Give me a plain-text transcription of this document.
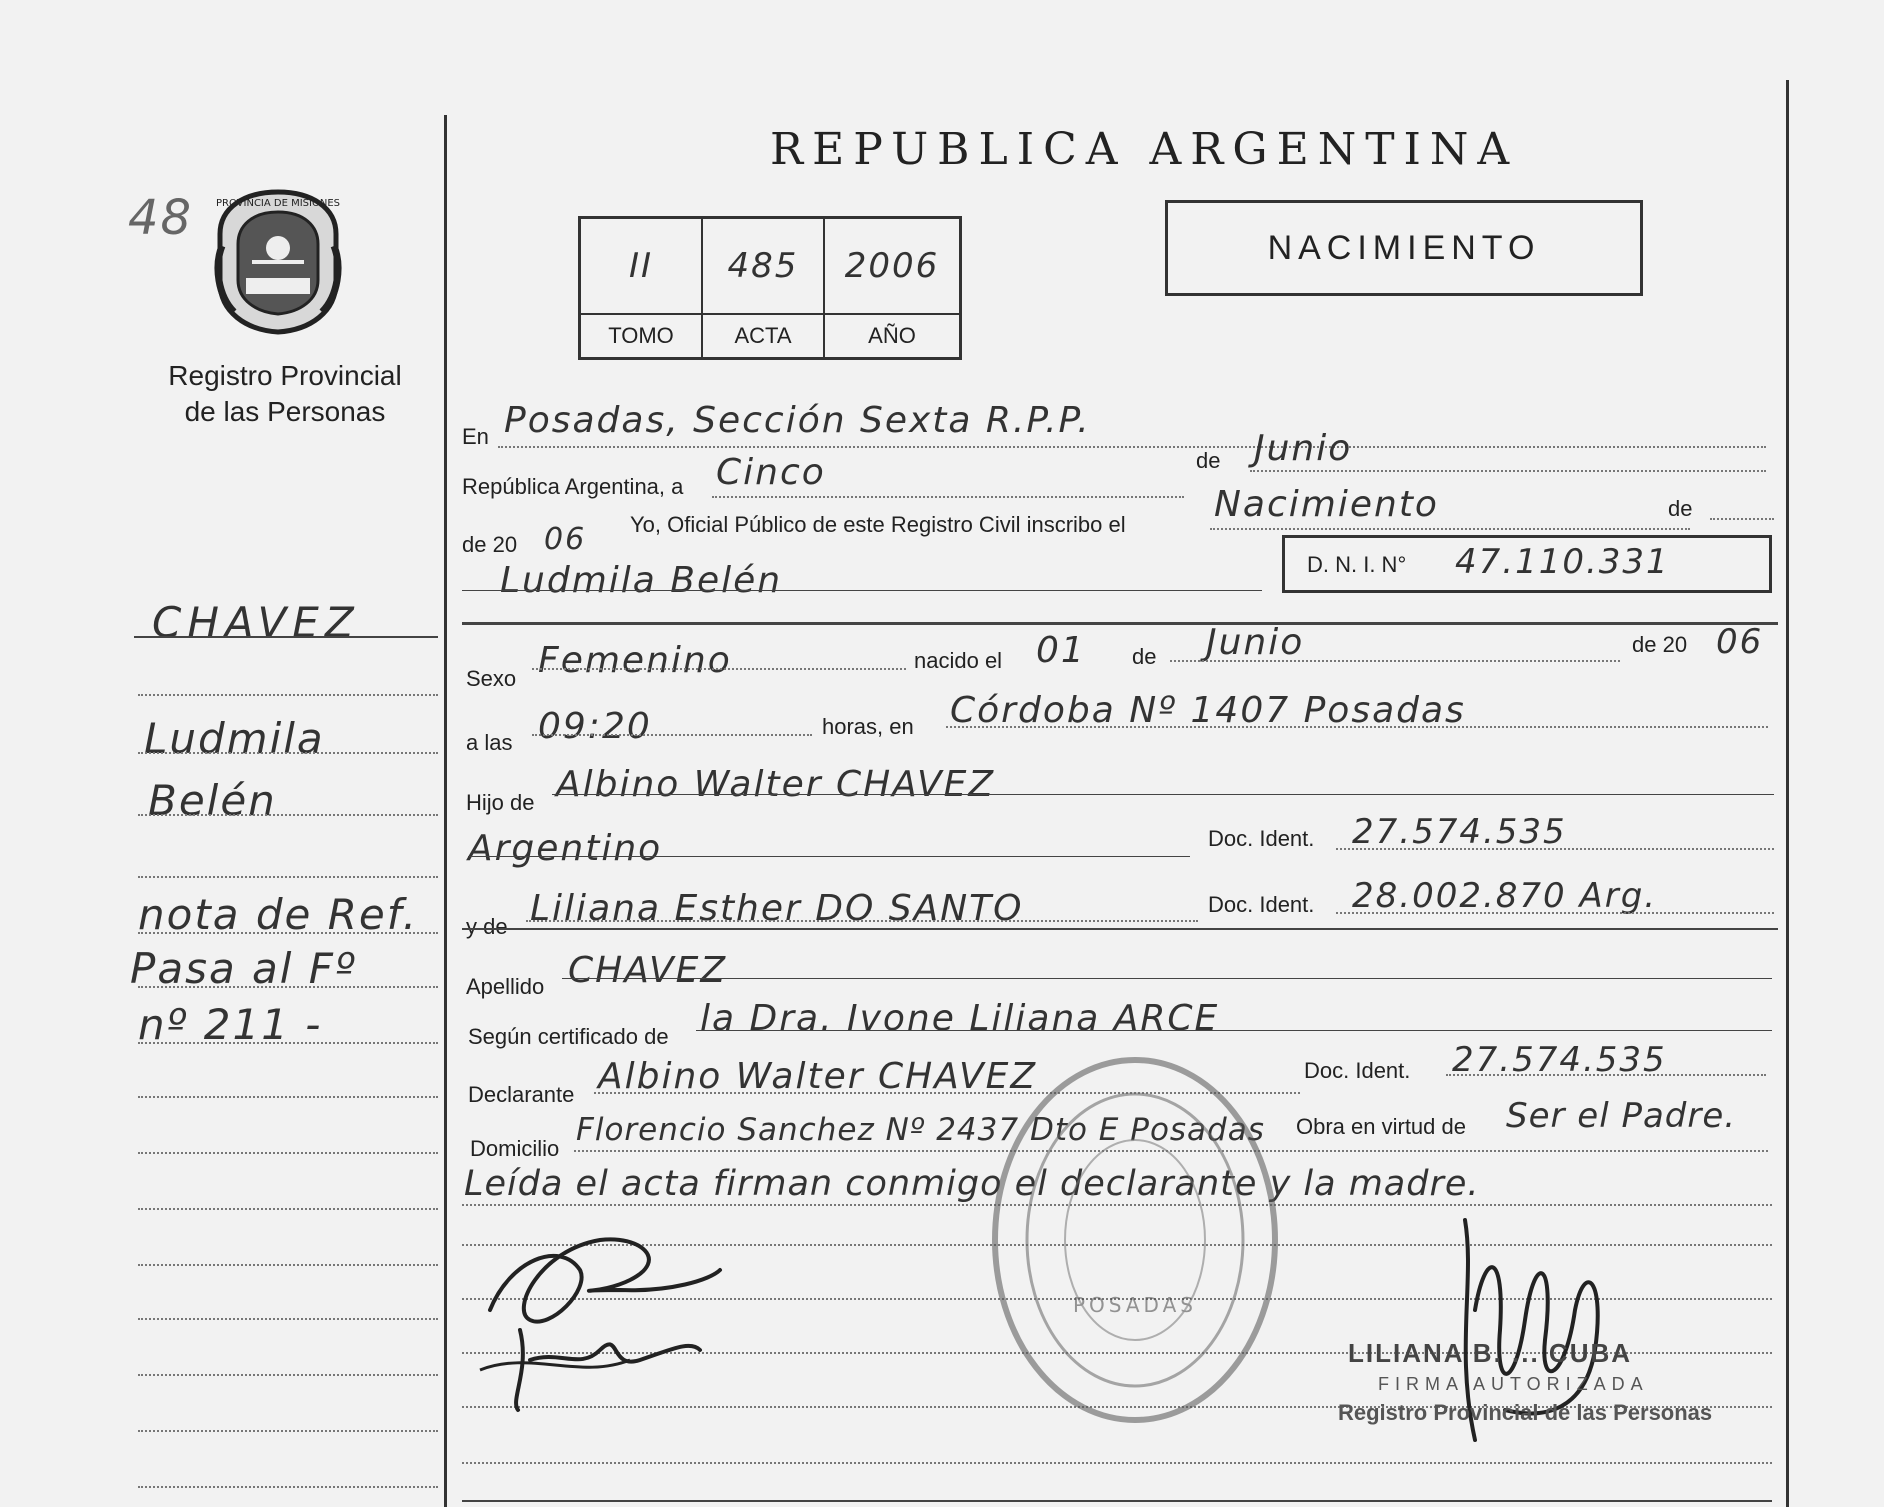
48 PROVINCIA DE MISIONES
Registro Provincial de las Personas
CHAVEZ
Ludmila
Belén
nota de Ref.
Pasa al Fº
nº 211 -
REPUBLICA ARGENTINA
II	485	2006
TOMO	ACTA	AÑO
NACIMIENTO
En Posadas, Sección Sexta R.P.P.
República Argentina, a Cinco	de Junio
de 20 06 Yo, Oficial Público de este Registro Civil inscribo el Nacimiento	de
Ludmila Belén	D. N. I. N° 47.110.331
Sexo Femenino	nacido el 01 de Junio	de 20 06
a las 09:20	horas, en Córdoba Nº 1407 Posadas
Hijo de Albino Walter CHAVEZ
Argentino	Doc. Ident. 27.574.535
y de Liliana Esther DO SANTO	Doc. Ident. 28.002.870 Arg.
Apellido CHAVEZ
Según certificado de la Dra. Ivone Liliana ARCE
Declarante Albino Walter CHAVEZ	Doc. Ident. 27.574.535
Domicilio
Florencio Sanchez Nº 2437 Dto E Posadas Obra en virtud de Ser el Padre.
Leída el acta firman conmigo el declarante y la madre.
POSADAS
LILIANA B. ... CUBA
FIRMA AUTORIZADA
Registro Provincial de las Personas
